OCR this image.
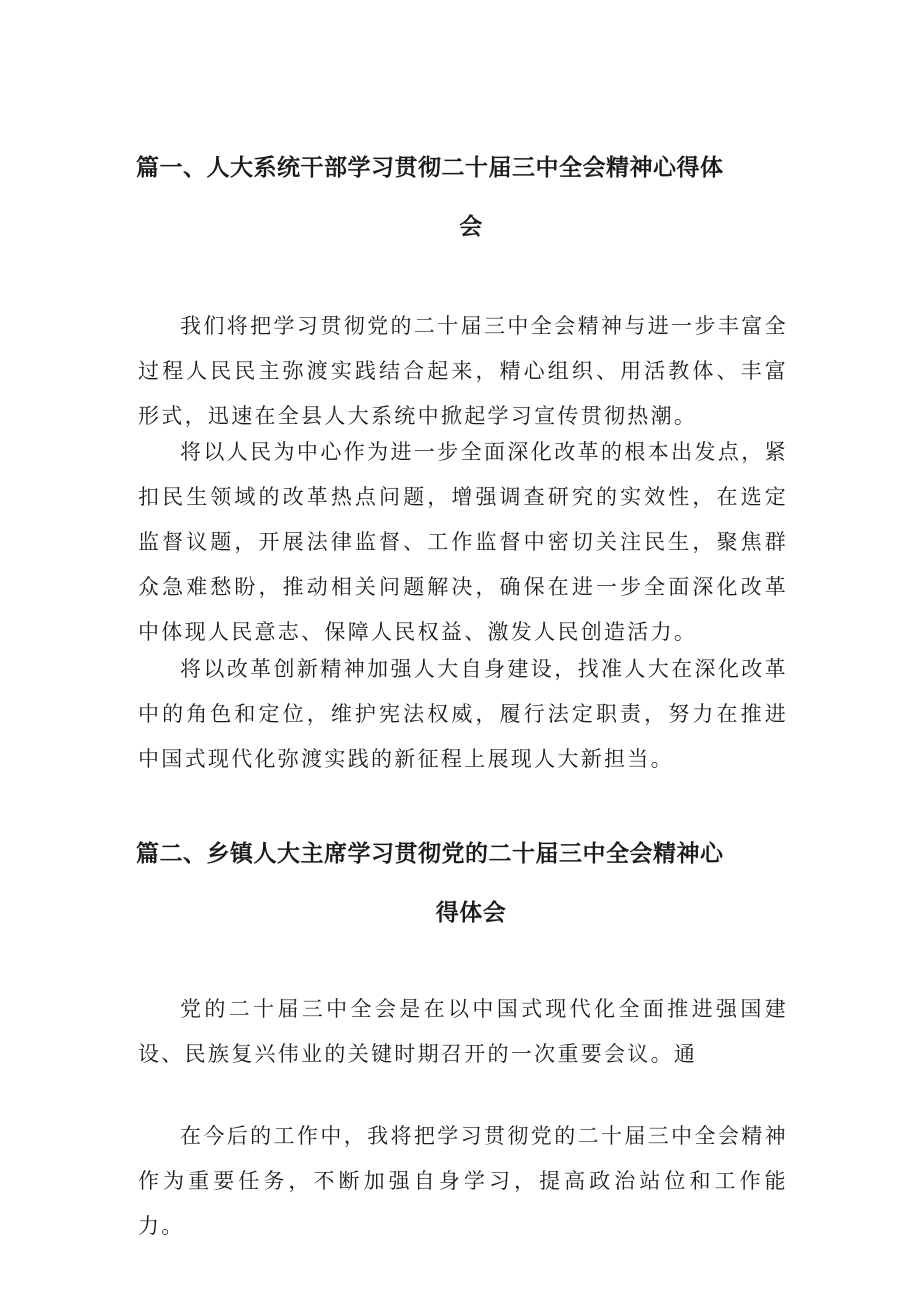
篇一、人大系统干部学习贯彻二十届三中全会精神心得体
会

我们将把学习贯彻党的二十届三中全会精神与进一步丰富全过程人民民主弥渡实践结合起来，精心组织、用活教体、丰富形式，迅速在全县人大系统中掀起学习宣传贯彻热潮。

将以人民为中心作为进一步全面深化改革的根本出发点，紧扣民生领域的改革热点问题，增强调查研究的实效性，在选定监督议题，开展法律监督、工作监督中密切关注民生，聚焦群众急难愁盼，推动相关问题解决，确保在进一步全面深化改革中体现人民意志、保障人民权益、激发人民创造活力。

将以改革创新精神加强人大自身建设，找准人大在深化改革中的角色和定位，维护宪法权威，履行法定职责，努力在推进中国式现代化弥渡实践的新征程上展现人大新担当。

篇二、乡镇人大主席学习贯彻党的二十届三中全会精神心
得体会

党的二十届三中全会是在以中国式现代化全面推进强国建设、民族复兴伟业的关键时期召开的一次重要会议。通

在今后的工作中，我将把学习贯彻党的二十届三中全会精神作为重要任务，不断加强自身学习，提高政治站位和工作能力。
